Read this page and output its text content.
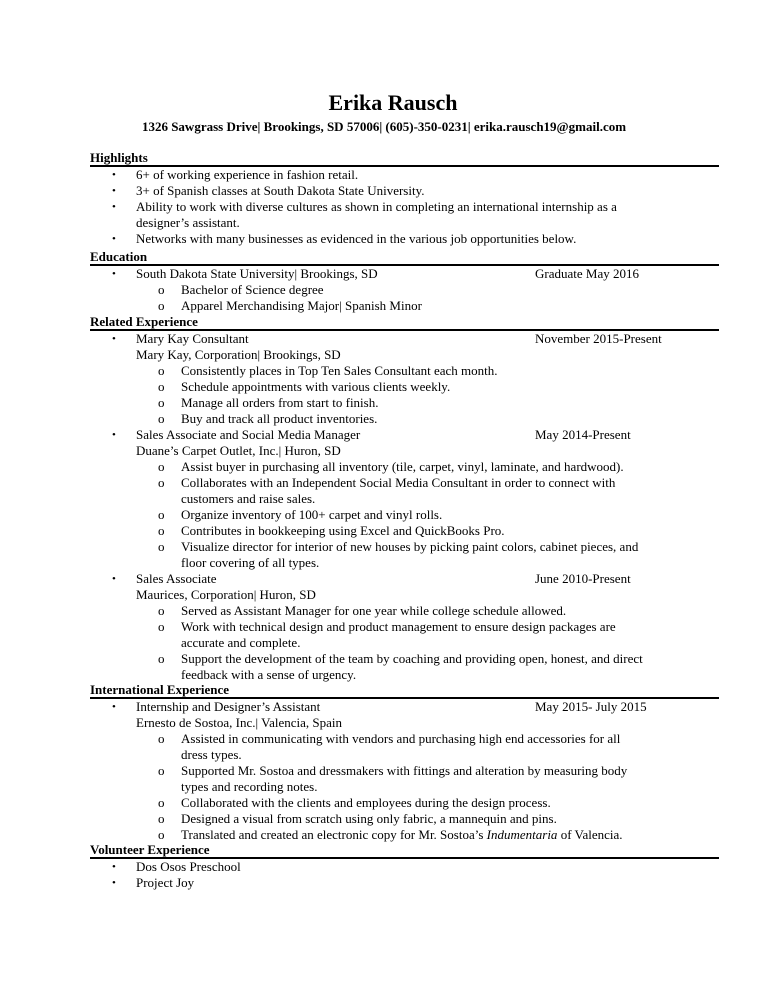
Erika Rausch
1326 Sawgrass Drive| Brookings, SD 57006| (605)-350-0231| erika.rausch19@gmail.com
Highlights
• 6+ of working experience in fashion retail.
• 3+ of Spanish classes at South Dakota State University.
• Ability to work with diverse cultures as shown in completing an international internship as a
designer’s assistant.
• Networks with many businesses as evidenced in the various job opportunities below.
Education
• South Dakota State University| Brookings, SD	Graduate May 2016
o Bachelor of Science degree
o Apparel Merchandising Major| Spanish Minor
Related Experience
• Mary Kay Consultant	November 2015-Present
Mary Kay, Corporation| Brookings, SD
o Consistently places in Top Ten Sales Consultant each month.
o Schedule appointments with various clients weekly.
o Manage all orders from start to finish.
o Buy and track all product inventories.
• Sales Associate and Social Media Manager	May 2014-Present
Duane’s Carpet Outlet, Inc.| Huron, SD
o Assist buyer in purchasing all inventory (tile, carpet, vinyl, laminate, and hardwood).
o Collaborates with an Independent Social Media Consultant in order to connect with
customers and raise sales.
o Organize inventory of 100+ carpet and vinyl rolls.
o Contributes in bookkeeping using Excel and QuickBooks Pro.
o Visualize director for interior of new houses by picking paint colors, cabinet pieces, and
floor covering of all types.
• Sales Associate	June 2010-Present
Maurices, Corporation| Huron, SD
o Served as Assistant Manager for one year while college schedule allowed.
o Work with technical design and product management to ensure design packages are
accurate and complete.
o Support the development of the team by coaching and providing open, honest, and direct
feedback with a sense of urgency.
International Experience
• Internship and Designer’s Assistant	May 2015- July 2015
Ernesto de Sostoa, Inc.| Valencia, Spain
o Assisted in communicating with vendors and purchasing high end accessories for all
dress types.
o Supported Mr. Sostoa and dressmakers with fittings and alteration by measuring body
types and recording notes.
o Collaborated with the clients and employees during the design process.
o Designed a visual from scratch using only fabric, a mannequin and pins.
o Translated and created an electronic copy for Mr. Sostoa’s Indumentaria of Valencia.
Volunteer Experience
• Dos Osos Preschool
• Project Joy
